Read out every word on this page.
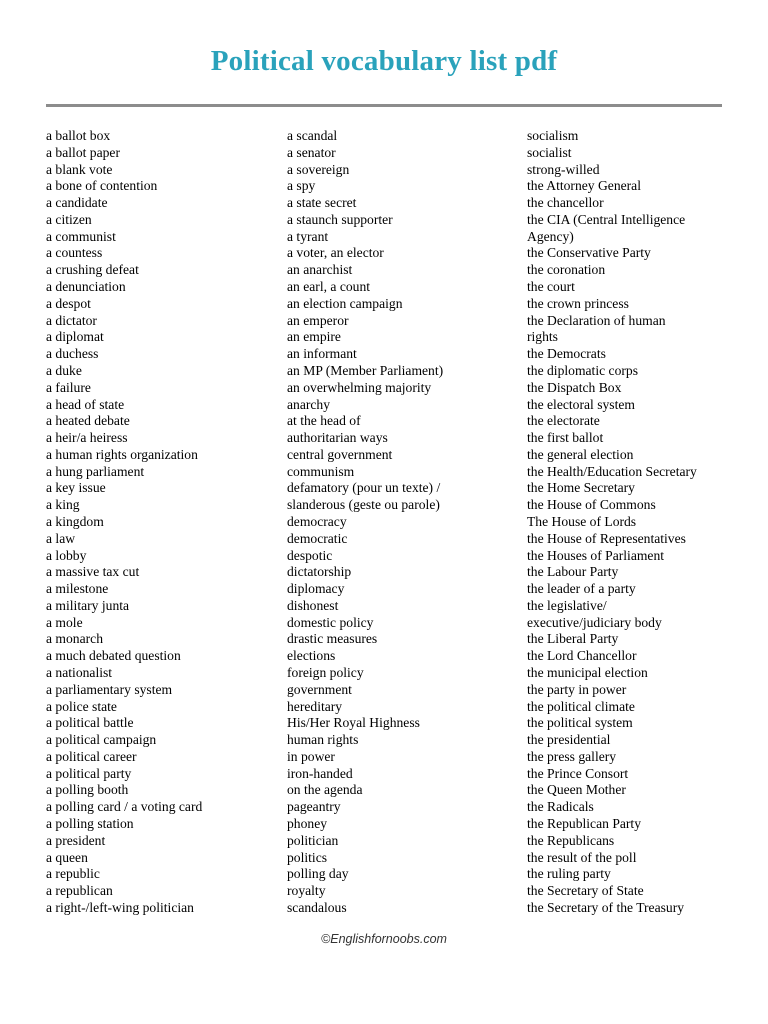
Political vocabulary list pdf
a ballot box
a ballot paper
a blank vote
a bone of contention
a candidate
a citizen
a communist
a countess
a crushing defeat
a denunciation
a despot
a dictator
a diplomat
a duchess
a duke
a failure
a head of state
a heated debate
a heir/a heiress
a human rights organization
a hung parliament
a key issue
a king
a kingdom
a law
a lobby
a massive tax cut
a milestone
a military junta
a mole
a monarch
a much debated question
a nationalist
a parliamentary system
a police state
a political battle
a political campaign
a political career
a political party
a polling booth
a polling card / a voting card
a polling station
a president
a queen
a republic
a republican
a right-/left-wing politician
a scandal
a senator
a sovereign
a spy
a state secret
a staunch supporter
a tyrant
a voter, an elector
an anarchist
an earl, a count
an election campaign
an emperor
an empire
an informant
an MP (Member Parliament)
an overwhelming majority
anarchy
at the head of
authoritarian ways
central government
communism
defamatory (pour un texte) /
slanderous (geste ou parole)
democracy
democratic
despotic
dictatorship
diplomacy
dishonest
domestic policy
drastic measures
elections
foreign policy
government
hereditary
His/Her Royal Highness
human rights
in power
iron-handed
on the agenda
pageantry
phoney
politician
politics
polling day
royalty
scandalous
socialism
socialist
strong-willed
the Attorney General
the chancellor
the CIA (Central Intelligence
Agency)
the Conservative Party
the coronation
the court
the crown princess
the Declaration of human
rights
the Democrats
the diplomatic corps
the Dispatch Box
the electoral system
the electorate
the first ballot
the general election
the Health/Education Secretary
the Home Secretary
the House of Commons
The House of Lords
the House of Representatives
the Houses of Parliament
the Labour Party
the leader of a party
the legislative/
executive/judiciary body
the Liberal Party
the Lord Chancellor
the municipal election
the party in power
the political climate
the political system
the presidential
the press gallery
the Prince Consort
the Queen Mother
the Radicals
the Republican Party
the Republicans
the result of the poll
the ruling party
the Secretary of State
the Secretary of the Treasury
©Englishfornoobs.com
